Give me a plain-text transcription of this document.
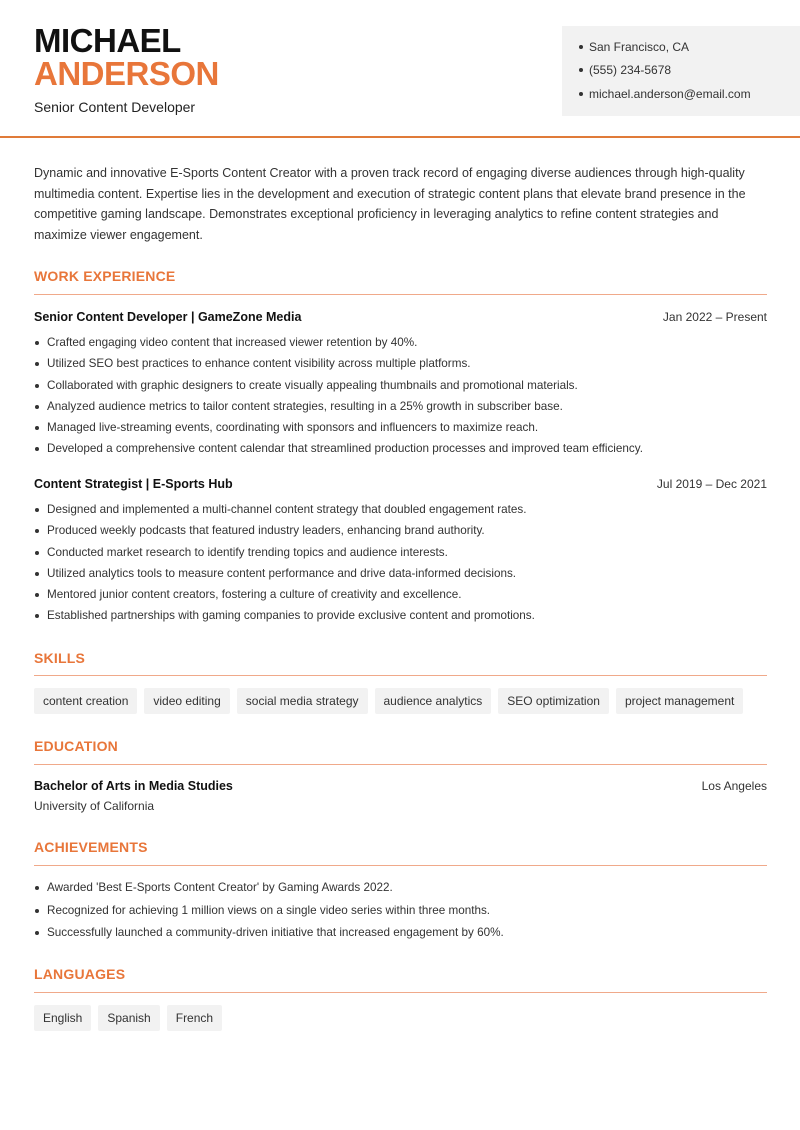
MICHAEL
ANDERSON
Senior Content Developer
San Francisco, CA
(555) 234-5678
michael.anderson@email.com
Dynamic and innovative E-Sports Content Creator with a proven track record of engaging diverse audiences through high-quality multimedia content. Expertise lies in the development and execution of strategic content plans that elevate brand presence in the competitive gaming landscape. Demonstrates exceptional proficiency in leveraging analytics to refine content strategies and maximize viewer engagement.
WORK EXPERIENCE
Senior Content Developer | GameZone Media	Jan 2022 – Present
Crafted engaging video content that increased viewer retention by 40%.
Utilized SEO best practices to enhance content visibility across multiple platforms.
Collaborated with graphic designers to create visually appealing thumbnails and promotional materials.
Analyzed audience metrics to tailor content strategies, resulting in a 25% growth in subscriber base.
Managed live-streaming events, coordinating with sponsors and influencers to maximize reach.
Developed a comprehensive content calendar that streamlined production processes and improved team efficiency.
Content Strategist | E-Sports Hub	Jul 2019 – Dec 2021
Designed and implemented a multi-channel content strategy that doubled engagement rates.
Produced weekly podcasts that featured industry leaders, enhancing brand authority.
Conducted market research to identify trending topics and audience interests.
Utilized analytics tools to measure content performance and drive data-informed decisions.
Mentored junior content creators, fostering a culture of creativity and excellence.
Established partnerships with gaming companies to provide exclusive content and promotions.
SKILLS
content creation	video editing	social media strategy	audience analytics	SEO optimization	project management
EDUCATION
Bachelor of Arts in Media Studies	Los Angeles
University of California
ACHIEVEMENTS
Awarded 'Best E-Sports Content Creator' by Gaming Awards 2022.
Recognized for achieving 1 million views on a single video series within three months.
Successfully launched a community-driven initiative that increased engagement by 60%.
LANGUAGES
English	Spanish	French
